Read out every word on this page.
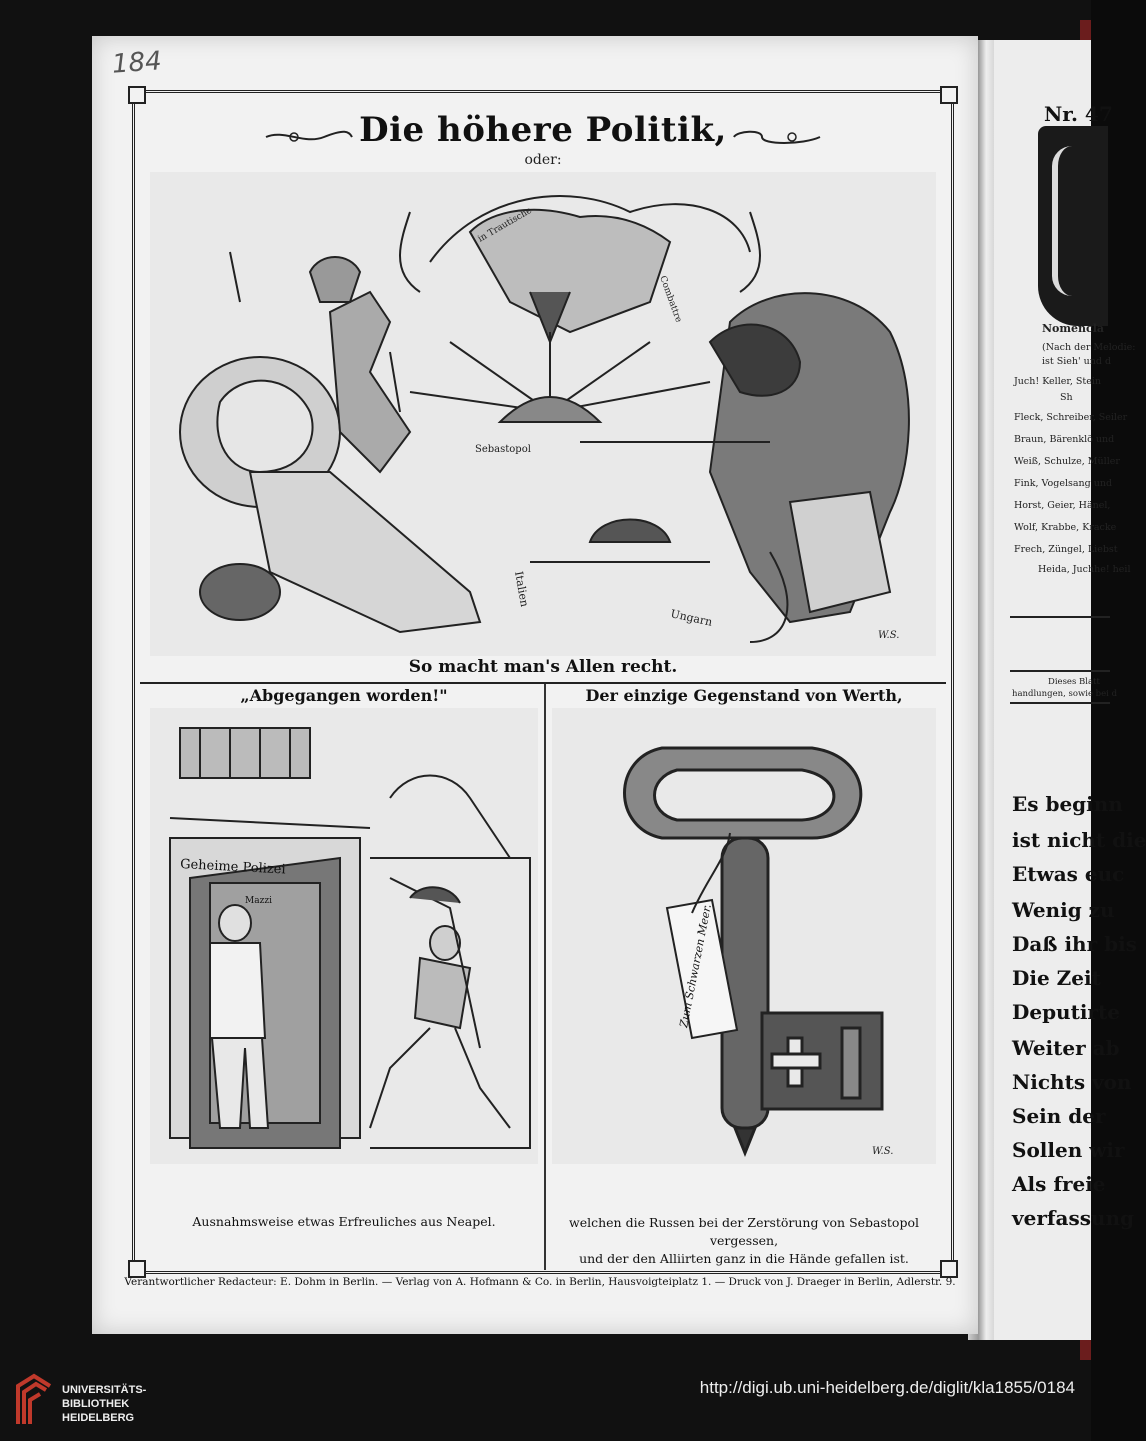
184
Die höhere Politik,
oder:
in Trautische
Combattre
Sebastopol
Italien
Ungarn
W.S.
So macht man's Allen recht.
„Abgegangen worden!"	Der einzige Gegenstand von Werth,
Geheime Polizei
Mazzi
Zum Schwarzen Meer.
W.S.
Ausnahmsweise etwas Erfreuliches aus Neapel.	welchen die Russen bei der Zerstörung von Sebastopol vergessen,
und der den Alliirten ganz in die Hände gefallen ist.
Verantwortlicher Redacteur: E. Dohm in Berlin. — Verlag von A. Hofmann & Co. in Berlin, Hausvoigteiplatz 1. — Druck von J. Draeger in Berlin, Adlerstr. 9.
Nr. 47
Nomencla
(Nach der Melodie:
ist Sieh' und d
Juch! Keller, Stein
Sh
Fleck, Schreiber, Seiler
Braun, Bärenklö und
Weiß, Schulze, Müller
Fink, Vogelsang und
Horst, Geier, Hänel,
Wolf, Krabbe, Kracke
Frech, Züngel, Liebst
Heida, Juchhe! heil
Dieses Blatt
handlungen, sowie bei d
Es beginn
ist nicht die
Etwas euc
Wenig zu
Daß ihr bis
Die Zeit
Deputirte
Weiter ab
Nichts von
Sein der
Sollen wir
Als freie
verfassung
UNIVERSITÄTS-
BIBLIOTHEK
HEIDELBERG
http://digi.ub.uni-heidelberg.de/diglit/kla1855/0184
